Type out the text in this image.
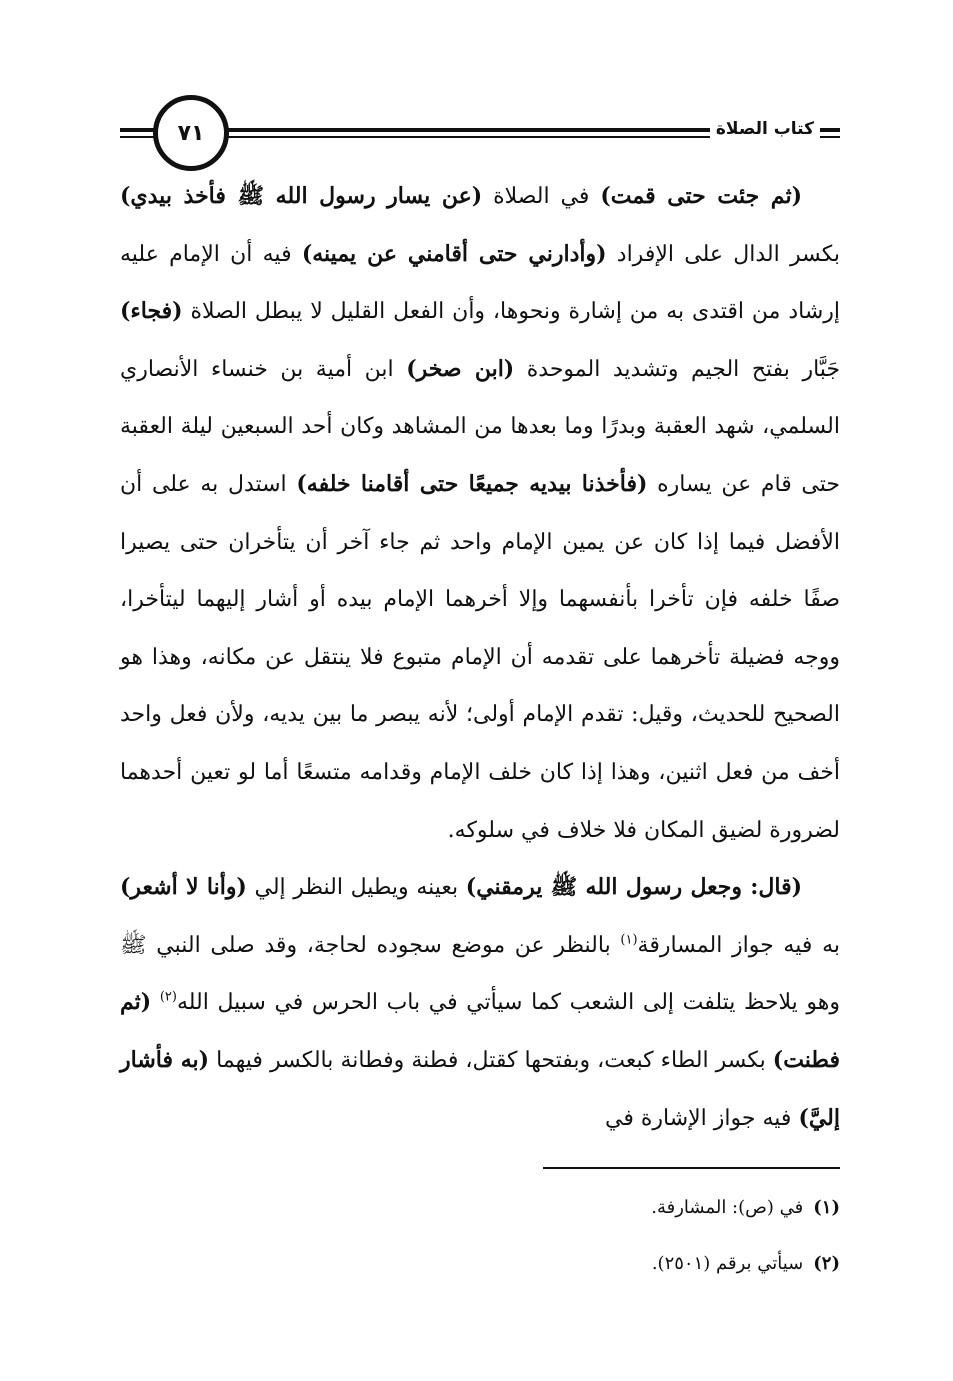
كتاب الصلاة
٧١

(ثم جئت حتى قمت) في الصلاة (عن يسار رسول الله ﷺ فأخذ بيدي) بكسر الدال على الإفراد (وأدارني حتى أقامني عن يمينه) فيه أن الإمام عليه إرشاد من اقتدى به من إشارة ونحوها، وأن الفعل القليل لا يبطل الصلاة (فجاء) جَبَّار بفتح الجيم وتشديد الموحدة (ابن صخر) ابن أمية بن خنساء الأنصاري السلمي، شهد العقبة وبدرًا وما بعدها من المشاهد وكان أحد السبعين ليلة العقبة حتى قام عن يساره (فأخذنا بيديه جميعًا حتى أقامنا خلفه) استدل به على أن الأفضل فيما إذا كان عن يمين الإمام واحد ثم جاء آخر أن يتأخران حتى يصيرا صفًا خلفه فإن تأخرا بأنفسهما وإلا أخرهما الإمام بيده أو أشار إليهما ليتأخرا، ووجه فضيلة تأخرهما على تقدمه أن الإمام متبوع فلا ينتقل عن مكانه، وهذا هو الصحيح للحديث، وقيل: تقدم الإمام أولى؛ لأنه يبصر ما بين يديه، ولأن فعل واحد أخف من فعل اثنين، وهذا إذا كان خلف الإمام وقدامه متسعًا أما لو تعين أحدهما لضرورة لضيق المكان فلا خلاف في سلوكه.

(قال: وجعل رسول الله ﷺ يرمقني) بعينه ويطيل النظر إلي (وأنا لا أشعر) به فيه جواز المسارقة$^{(١)}$ بالنظر عن موضع سجوده لحاجة، وقد صلى النبي ﷺ وهو يلاحظ يتلفت إلى الشعب كما سيأتي في باب الحرس في سبيل الله$^{(٢)}$ (ثم فطنت) بكسر الطاء كبعت، وبفتحها كقتل، فطنة وفطانة بالكسر فيهما (به فأشار إليَّ) فيه جواز الإشارة في

(١)في (ص): المشارفة.
(٢)سيأتي برقم (٢٥٠١).
